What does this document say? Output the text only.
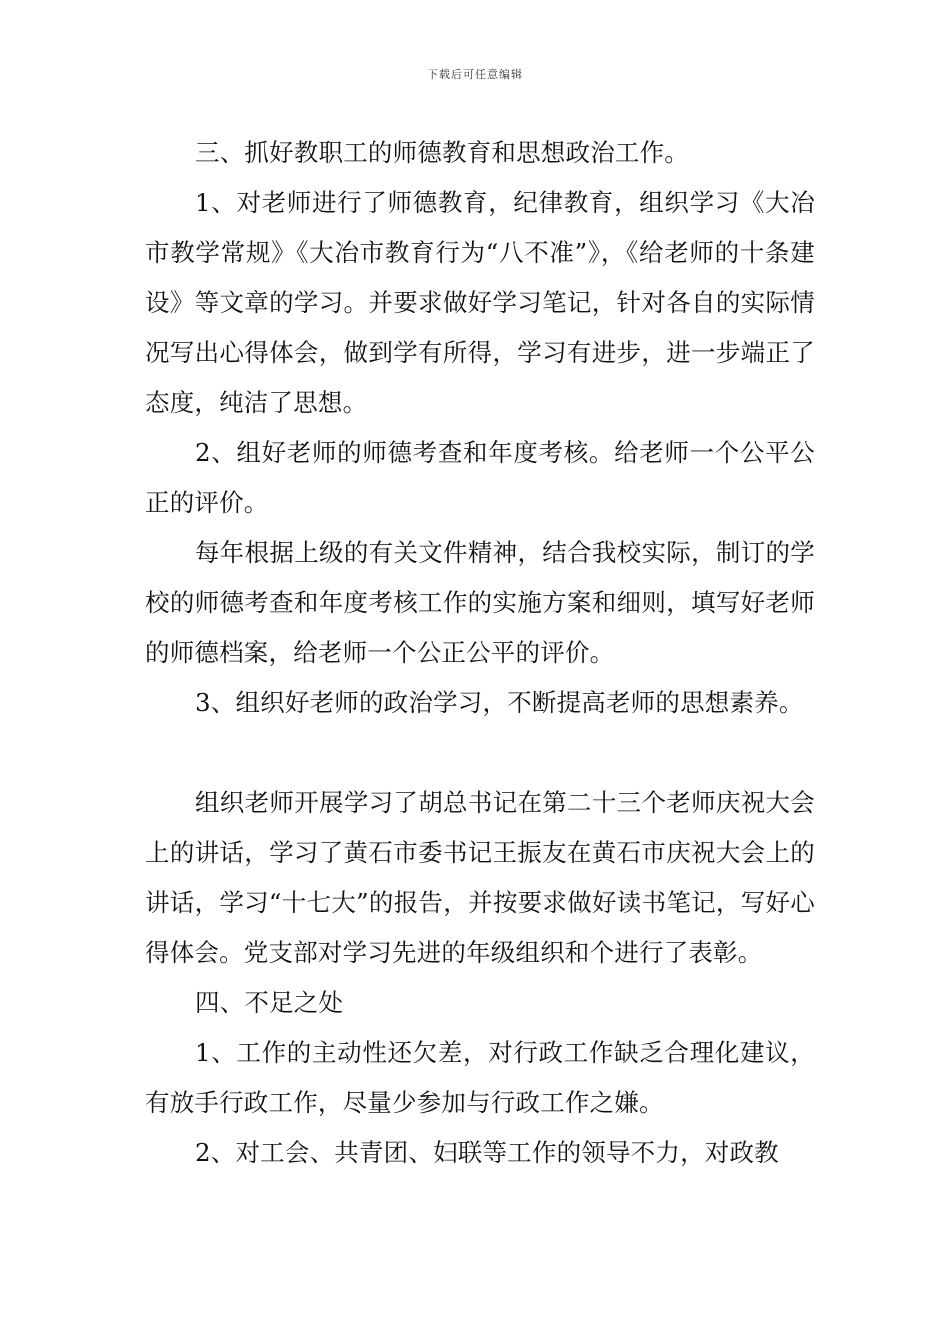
下载后可任意编辑

三、抓好教职工的师德教育和思想政治工作。

1、对老师进行了师德教育，纪律教育，组织学习《大冶市教学常规》《大冶市教育行为“八不准”》，《给老师的十条建设》等文章的学习。并要求做好学习笔记，针对各自的实际情况写出心得体会，做到学有所得，学习有进步，进一步端正了态度，纯洁了思想。

2、组好老师的师德考查和年度考核。给老师一个公平公正的评价。

每年根据上级的有关文件精神，结合我校实际，制订的学校的师德考查和年度考核工作的实施方案和细则，填写好老师的师德档案，给老师一个公正公平的评价。

3、组织好老师的政治学习，不断提高老师的思想素养。

组织老师开展学习了胡总书记在第二十三个老师庆祝大会上的讲话，学习了黄石市委书记王振友在黄石市庆祝大会上的讲话，学习“十七大”的报告，并按要求做好读书笔记，写好心得体会。党支部对学习先进的年级组织和个进行了表彰。

四、不足之处

1、工作的主动性还欠差，对行政工作缺乏合理化建议，有放手行政工作，尽量少参加与行政工作之嫌。

2、对工会、共青团、妇联等工作的领导不力，对政教
